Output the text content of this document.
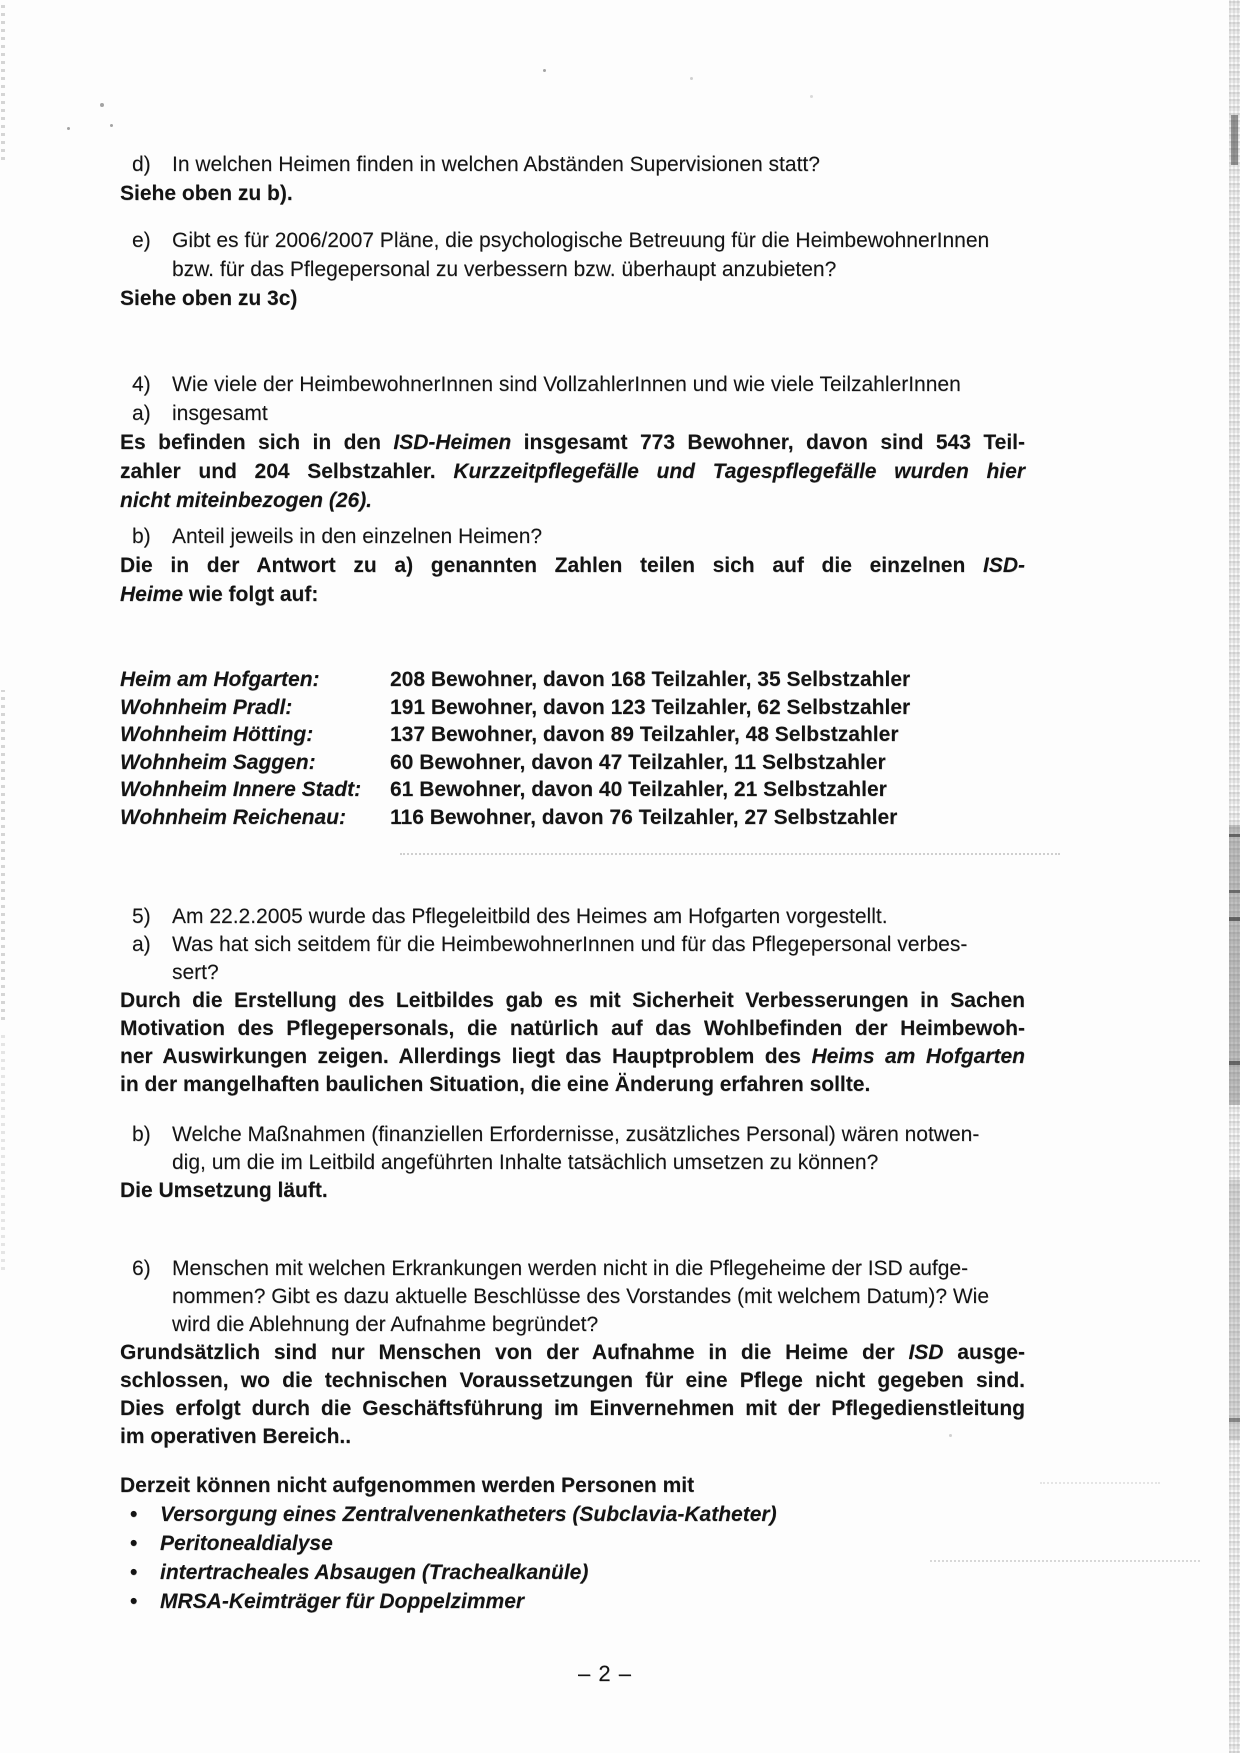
d) In welchen Heimen finden in welchen Abständen Supervisionen statt?
Siehe oben zu b).
e) Gibt es für 2006/2007 Pläne, die psychologische Betreuung für die HeimbewohnerInnen
bzw. für das Pflegepersonal zu verbessern bzw. überhaupt anzubieten?
Siehe oben zu 3c)
4) Wie viele der HeimbewohnerInnen sind VollzahlerInnen und wie viele TeilzahlerInnen
a) insgesamt
Es befinden sich in den ISD-Heimen insgesamt 773 Bewohner, davon sind 543 Teil-
zahler und 204 Selbstzahler. Kurzzeitpflegefälle und Tagespflegefälle wurden hier
nicht miteinbezogen (26).
b) Anteil jeweils in den einzelnen Heimen?
Die in der Antwort zu a) genannten Zahlen teilen sich auf die einzelnen ISD-
Heime wie folgt auf:
Heim am Hofgarten:	208 Bewohner, davon 168 Teilzahler, 35 Selbstzahler
Wohnheim Pradl:	191 Bewohner, davon 123 Teilzahler, 62 Selbstzahler
Wohnheim Hötting:	137 Bewohner, davon 89 Teilzahler, 48 Selbstzahler
Wohnheim Saggen:	60 Bewohner, davon 47 Teilzahler, 11 Selbstzahler
Wohnheim Innere Stadt:	61 Bewohner, davon 40 Teilzahler, 21 Selbstzahler
Wohnheim Reichenau:	116 Bewohner, davon 76 Teilzahler, 27 Selbstzahler
5) Am 22.2.2005 wurde das Pflegeleitbild des Heimes am Hofgarten vorgestellt.
a) Was hat sich seitdem für die HeimbewohnerInnen und für das Pflegepersonal verbes-
sert?
Durch die Erstellung des Leitbildes gab es mit Sicherheit Verbesserungen in Sachen
Motivation des Pflegepersonals, die natürlich auf das Wohlbefinden der Heimbewoh-
ner Auswirkungen zeigen. Allerdings liegt das Hauptproblem des Heims am Hofgarten
in der mangelhaften baulichen Situation, die eine Änderung erfahren sollte.
b) Welche Maßnahmen (finanziellen Erfordernisse, zusätzliches Personal) wären notwen-
dig, um die im Leitbild angeführten Inhalte tatsächlich umsetzen zu können?
Die Umsetzung läuft.
6) Menschen mit welchen Erkrankungen werden nicht in die Pflegeheime der ISD aufge-
nommen? Gibt es dazu aktuelle Beschlüsse des Vorstandes (mit welchem Datum)? Wie
wird die Ablehnung der Aufnahme begründet?
Grundsätzlich sind nur Menschen von der Aufnahme in die Heime der ISD ausge-
schlossen, wo die technischen Voraussetzungen für eine Pflege nicht gegeben sind.
Dies erfolgt durch die Geschäftsführung im Einvernehmen mit der Pflegedienstleitung
im operativen Bereich..
Derzeit können nicht aufgenommen werden Personen mit
• Versorgung eines Zentralvenenkatheters (Subclavia-Katheter)
• Peritonealdialyse
• intertracheales Absaugen (Trachealkanüle)
• MRSA-Keimträger für Doppelzimmer
– 2 –
